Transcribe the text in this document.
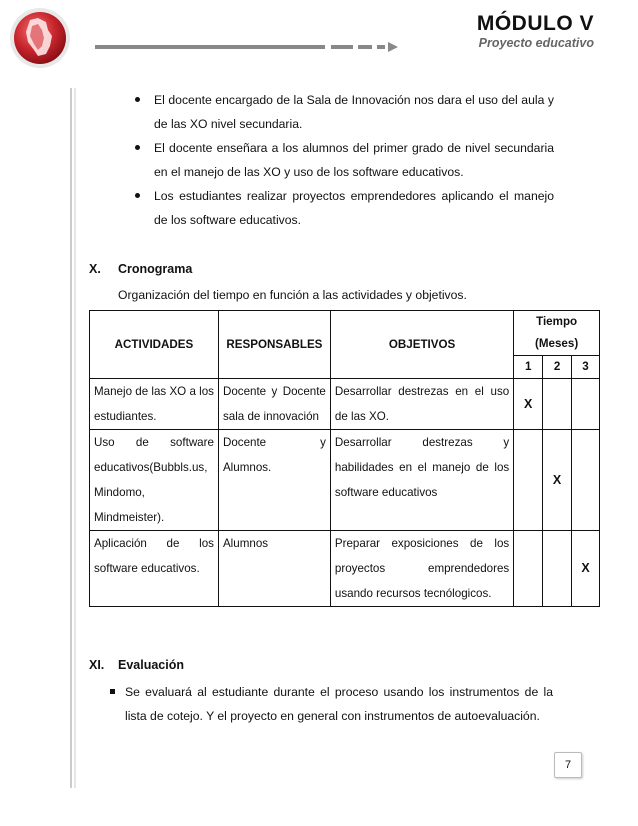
MÓDULO V
Proyecto educativo
El docente encargado de la Sala de Innovación nos dara el uso del aula y de las XO nivel secundaria.
El docente enseñara a los alumnos del primer grado de nivel secundaria en el manejo de las XO y uso de los software educativos.
Los estudiantes realizar proyectos emprendedores aplicando el manejo de los software educativos.
X. Cronograma
Organización del tiempo en función a las actividades y objetivos.
ACTIVIDADES	RESPONSABLES	OBJETIVOS	Tiempo		
			(Meses)		
			1	2	3
Manejo de las XO a los estudiantes.	Docente y Docente sala de innovación	Desarrollar destrezas en el uso de las XO.	X		
Uso de software educativos(Bubbls.us, Mindomo, Mindmeister).	Docente y Alumnos.	Desarrollar destrezas y habilidades en el manejo de los software educativos		X	
Aplicación de los software educativos.	Alumnos	Preparar exposiciones de los proyectos emprendedores usando recursos tecnólogicos.			X
XI. Evaluación
Se evaluará al estudiante durante el proceso usando los instrumentos de la lista de cotejo. Y el proyecto en general con instrumentos de autoevaluación.
7
